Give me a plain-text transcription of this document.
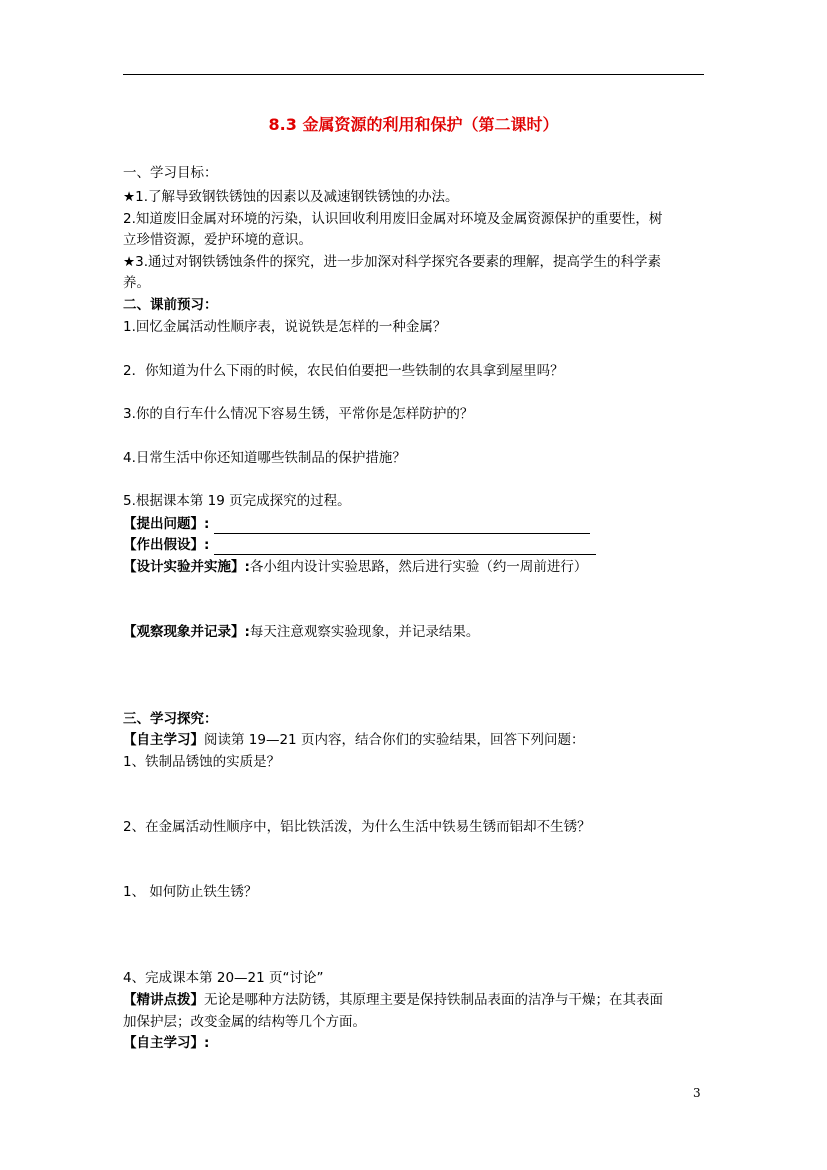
8.3 金属资源的利用和保护（第二课时）
一、学习目标：
★1.了解导致钢铁锈蚀的因素以及减速钢铁锈蚀的办法。
2.知道废旧金属对环境的污染，认识回收利用废旧金属对环境及金属资源保护的重要性，树
立珍惜资源，爱护环境的意识。
★3.通过对钢铁锈蚀条件的探究，进一步加深对科学探究各要素的理解，提高学生的科学素
养。
二、课前预习：
1.回忆金属活动性顺序表，说说铁是怎样的一种金属？
2．你知道为什么下雨的时候，农民伯伯要把一些铁制的农具拿到屋里吗？
3.你的自行车什么情况下容易生锈，平常你是怎样防护的？
4.日常生活中你还知道哪些铁制品的保护措施？
5.根据课本第 19 页完成探究的过程。
【提出问题】:
【作出假设】:
【设计实验并实施】:各小组内设计实验思路，然后进行实验（约一周前进行）
【观察现象并记录】:每天注意观察实验现象，并记录结果。
三、学习探究：
【自主学习】阅读第 19—21 页内容，结合你们的实验结果，回答下列问题：
1、铁制品锈蚀的实质是？
2、在金属活动性顺序中，铝比铁活泼，为什么生活中铁易生锈而铝却不生锈？
1、 如何防止铁生锈？
4、完成课本第 20—21 页“讨论”
【精讲点拨】无论是哪种方法防锈，其原理主要是保持铁制品表面的洁净与干燥；在其表面
加保护层；改变金属的结构等几个方面。
【自主学习】:
3
